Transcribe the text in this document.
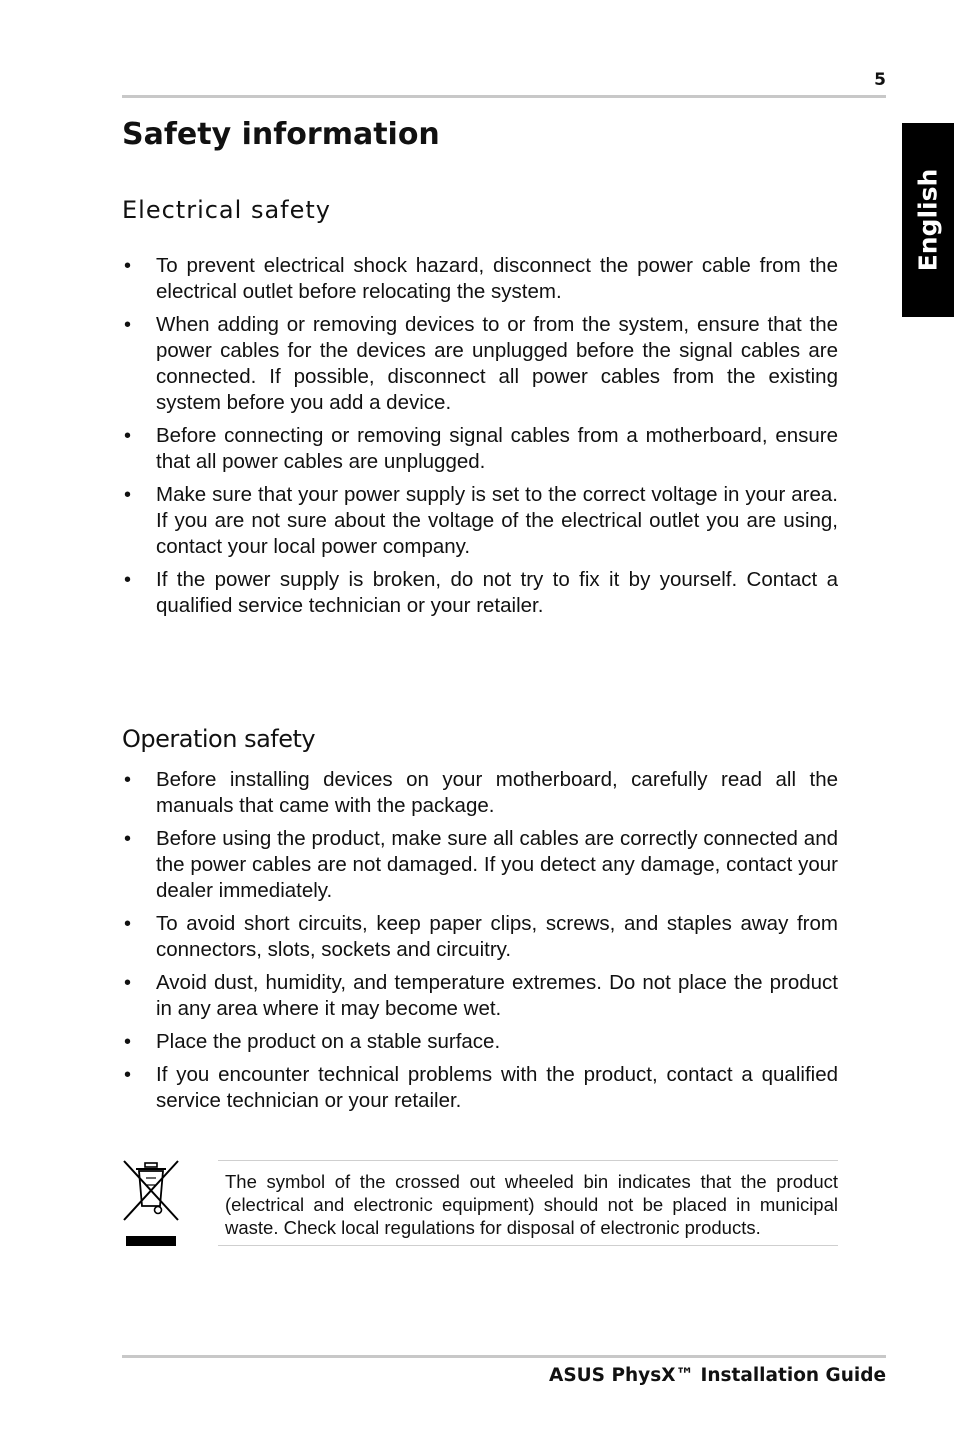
5
English
Safety information
Electrical safety
• To prevent electrical shock hazard, disconnect the power cable from the electrical outlet before relocating the system.
• When adding or removing devices to or from the system, ensure that the power cables for the devices are unplugged before the signal cables are connected. If possible, disconnect all power cables from the existing system before you add a device.
• Before connecting or removing signal cables from a motherboard, ensure that all power cables are unplugged.
• Make sure that your power supply is set to the correct voltage in your area. If you are not sure about the voltage of the electrical outlet you are using, contact your local power company.
• If the power supply is broken, do not try to fix it by yourself. Contact a qualified service technician or your retailer.
Operation safety
• Before installing devices on your motherboard, carefully read all the manuals that came with the package.
• Before using the product, make sure all cables are correctly connected and the power cables are not damaged. If you detect any damage, contact your dealer immediately.
• To avoid short circuits, keep paper clips, screws, and staples away from connectors, slots, sockets and circuitry.
• Avoid dust, humidity, and temperature extremes. Do not place the product in any area where it may become wet.
• Place the product on a stable surface.
• If you encounter technical problems with the product, contact a qualified service technician or your retailer.

The symbol of the crossed out wheeled bin indicates that the product (electrical and electronic equipment) should not be placed in municipal waste. Check local regulations for disposal of electronic products.

ASUS PhysX™ Installation Guide
